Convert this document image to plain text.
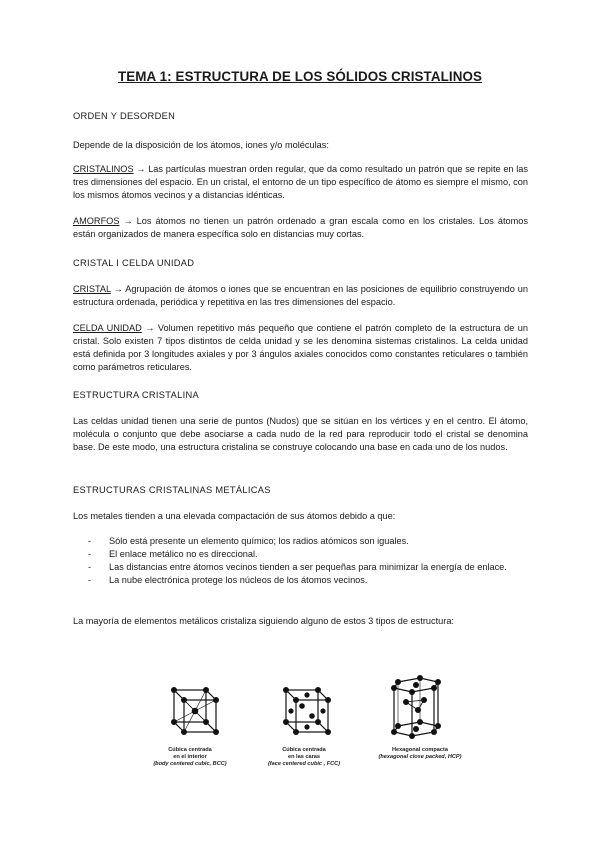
TEMA 1: ESTRUCTURA DE LOS SÓLIDOS CRISTALINOS
ORDEN Y DESORDEN
Depende de la disposición de los átomos, iones y/o moléculas:
CRISTALINOS → Las partículas muestran orden regular, que da como resultado un patrón que se repite en las tres dimensiones del espacio. En un cristal, el entorno de un tipo específico de átomo es siempre el mismo, con los mismos átomos vecinos y a distancias idénticas.
AMORFOS → Los átomos no tienen un patrón ordenado a gran escala como en los cristales. Los átomos están organizados de manera específica solo en distancias muy cortas.
CRISTAL I CELDA UNIDAD
CRISTAL → Agrupación de átomos o iones que se encuentran en las posiciones de equilibrio construyendo un estructura ordenada, periódica y repetitiva en las tres dimensiones del espacio.
CELDA UNIDAD → Volumen repetitivo más pequeño que contiene el patrón completo de la estructura de un cristal. Solo existen 7 tipos distintos de celda unidad y se les denomina sistemas cristalinos. La celda unidad está definida por 3 longitudes axiales y por 3 ángulos axiales conocidos como constantes reticulares o también como parámetros reticulares.
ESTRUCTURA CRISTALINA
Las celdas unidad tienen una serie de puntos (Nudos) que se sitúan en los vértices y en el centro. El átomo, molécula o conjunto que debe asociarse a cada nudo de la red para reproducir todo el cristal se denomina base. De este modo, una estructura cristalina se construye colocando una base en cada uno de los nudos.
ESTRUCTURAS CRISTALINAS METÁLICAS
Los metales tienden a una elevada compactación de sus átomos debido a que:
- Sólo está presente un elemento químico; los radios atómicos son iguales.
- El enlace metálico no es direccional.
- Las distancias entre átomos vecinos tienden a ser pequeñas para minimizar la energía de enlace.
- La nube electrónica protege los núcleos de los átomos vecinos.
La mayoría de elementos metálicos cristaliza siguiendo alguno de estos 3 tipos de estructura:
Cúbica centrada
en el interior
(body centered cubic, BCC)
Cúbica centrada
en las caras
(face centered cubic , FCC)
Hexagonal compacta
(hexagonal close packed, HCP)
